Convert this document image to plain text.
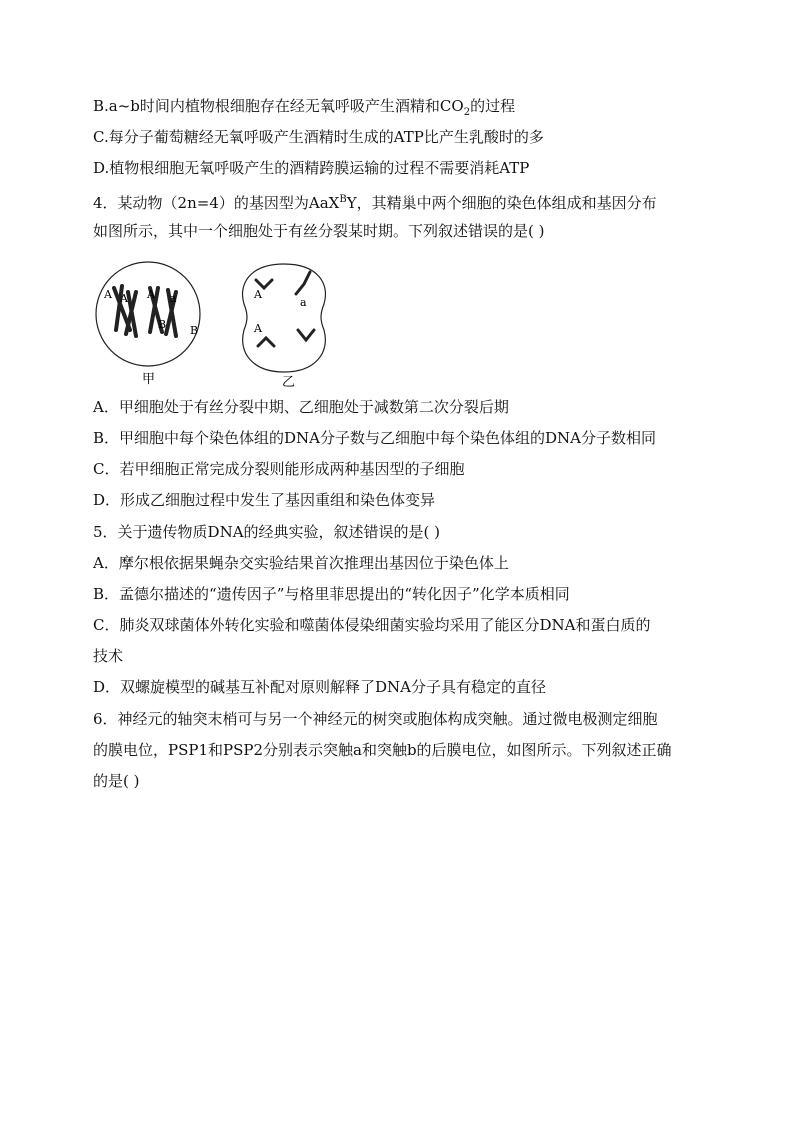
B.a~b时间内植物根细胞存在经无氧呼吸产生酒精和$CO_2$的过程
C.每分子葡萄糖经无氧呼吸产生酒精时生成的ATP比产生乳酸时的多
D.植物根细胞无氧呼吸产生的酒精跨膜运输的过程不需要消耗ATP
4．某动物（2n=4）的基因型为AaX$^B$Y，其精巢中两个细胞的染色体组成和基因分布
如图所示，其中一个细胞处于有丝分裂某时期。下列叙述错误的是( )
A A A a
B B
甲
A
a
A
乙
A．甲细胞处于有丝分裂中期、乙细胞处于减数第二次分裂后期
B．甲细胞中每个染色体组的DNA分子数与乙细胞中每个染色体组的DNA分子数相同
C．若甲细胞正常完成分裂则能形成两种基因型的子细胞
D．形成乙细胞过程中发生了基因重组和染色体变异
5．关于遗传物质DNA的经典实验，叙述错误的是( )
A．摩尔根依据果蝇杂交实验结果首次推理出基因位于染色体上
B．孟德尔描述的“遗传因子”与格里菲思提出的“转化因子”化学本质相同
C．肺炎双球菌体外转化实验和噬菌体侵染细菌实验均采用了能区分DNA和蛋白质的
技术
D．双螺旋模型的碱基互补配对原则解释了DNA分子具有稳定的直径
6．神经元的轴突末梢可与另一个神经元的树突或胞体构成突触。通过微电极测定细胞
的膜电位，PSP1和PSP2分别表示突触a和突触b的后膜电位，如图所示。下列叙述正确
的是( )
